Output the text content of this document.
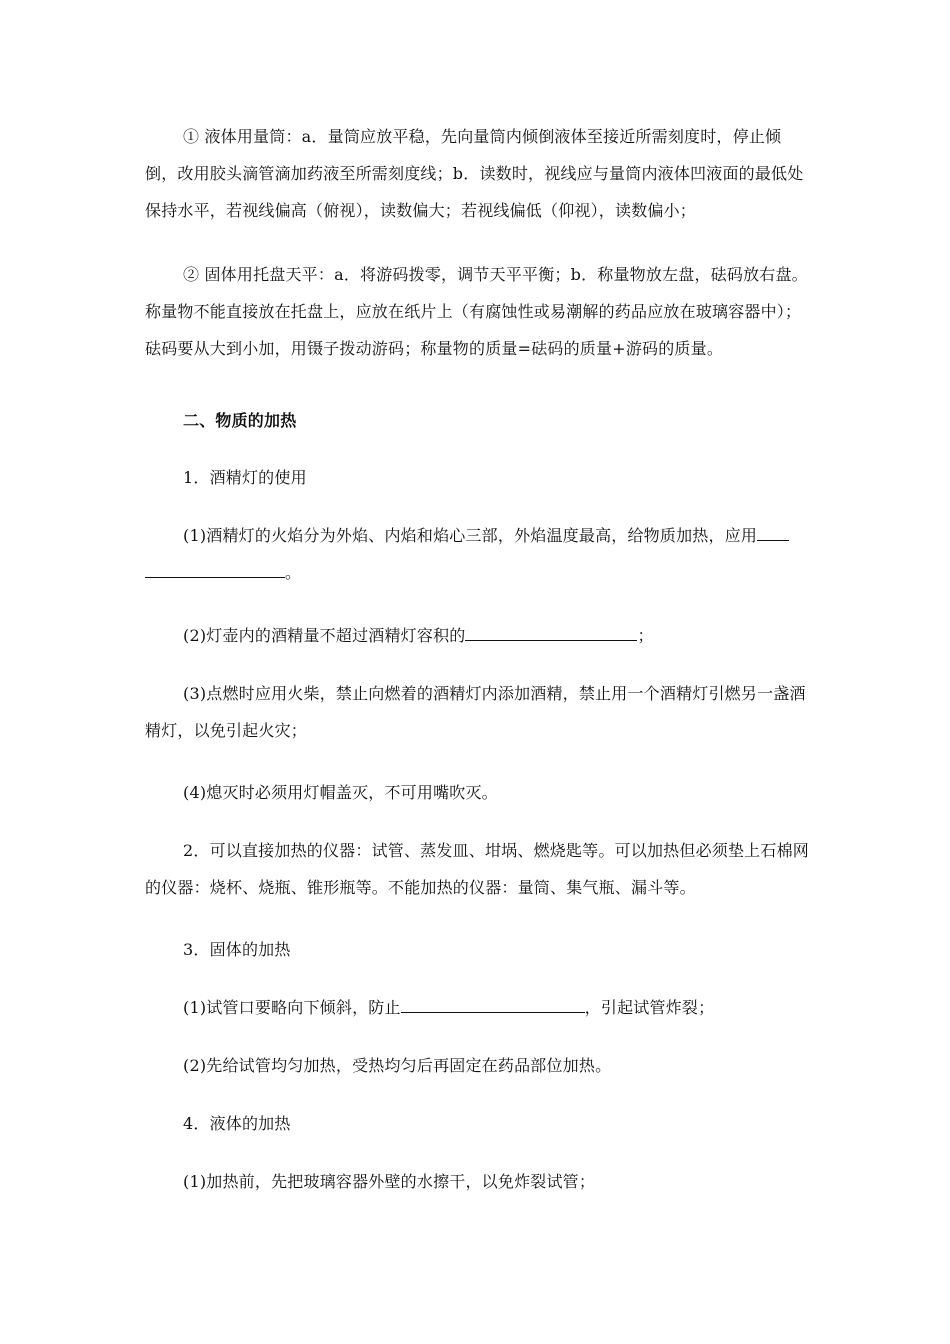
① 液体用量筒：a．量筒应放平稳，先向量筒内倾倒液体至接近所需刻度时，停止倾倒，改用胶头滴管滴加药液至所需刻度线；b．读数时，视线应与量筒内液体凹液面的最低处保持水平，若视线偏高（俯视），读数偏大；若视线偏低（仰视），读数偏小；

② 固体用托盘天平：a．将游码拨零，调节天平平衡；b．称量物放左盘，砝码放右盘。称量物不能直接放在托盘上，应放在纸片上（有腐蚀性或易潮解的药品应放在玻璃容器中）；砝码要从大到小加，用镊子拨动游码；称量物的质量=砝码的质量+游码的质量。

二、物质的加热

1．酒精灯的使用

(1)酒精灯的火焰分为外焰、内焰和焰心三部，外焰温度最高，给物质加热，应用
。

(2)灯壶内的酒精量不超过酒精灯容积的	；

(3)点燃时应用火柴，禁止向燃着的酒精灯内添加酒精，禁止用一个酒精灯引燃另一盏酒精灯，以免引起火灾；

(4)熄灭时必须用灯帽盖灭，不可用嘴吹灭。

2．可以直接加热的仪器：试管、蒸发皿、坩埚、燃烧匙等。可以加热但必须垫上石棉网的仪器：烧杯、烧瓶、锥形瓶等。不能加热的仪器：量筒、集气瓶、漏斗等。

3．固体的加热

(1)试管口要略向下倾斜，防止	，引起试管炸裂；

(2)先给试管均匀加热，受热均匀后再固定在药品部位加热。

4．液体的加热

(1)加热前，先把玻璃容器外壁的水擦干，以免炸裂试管；
